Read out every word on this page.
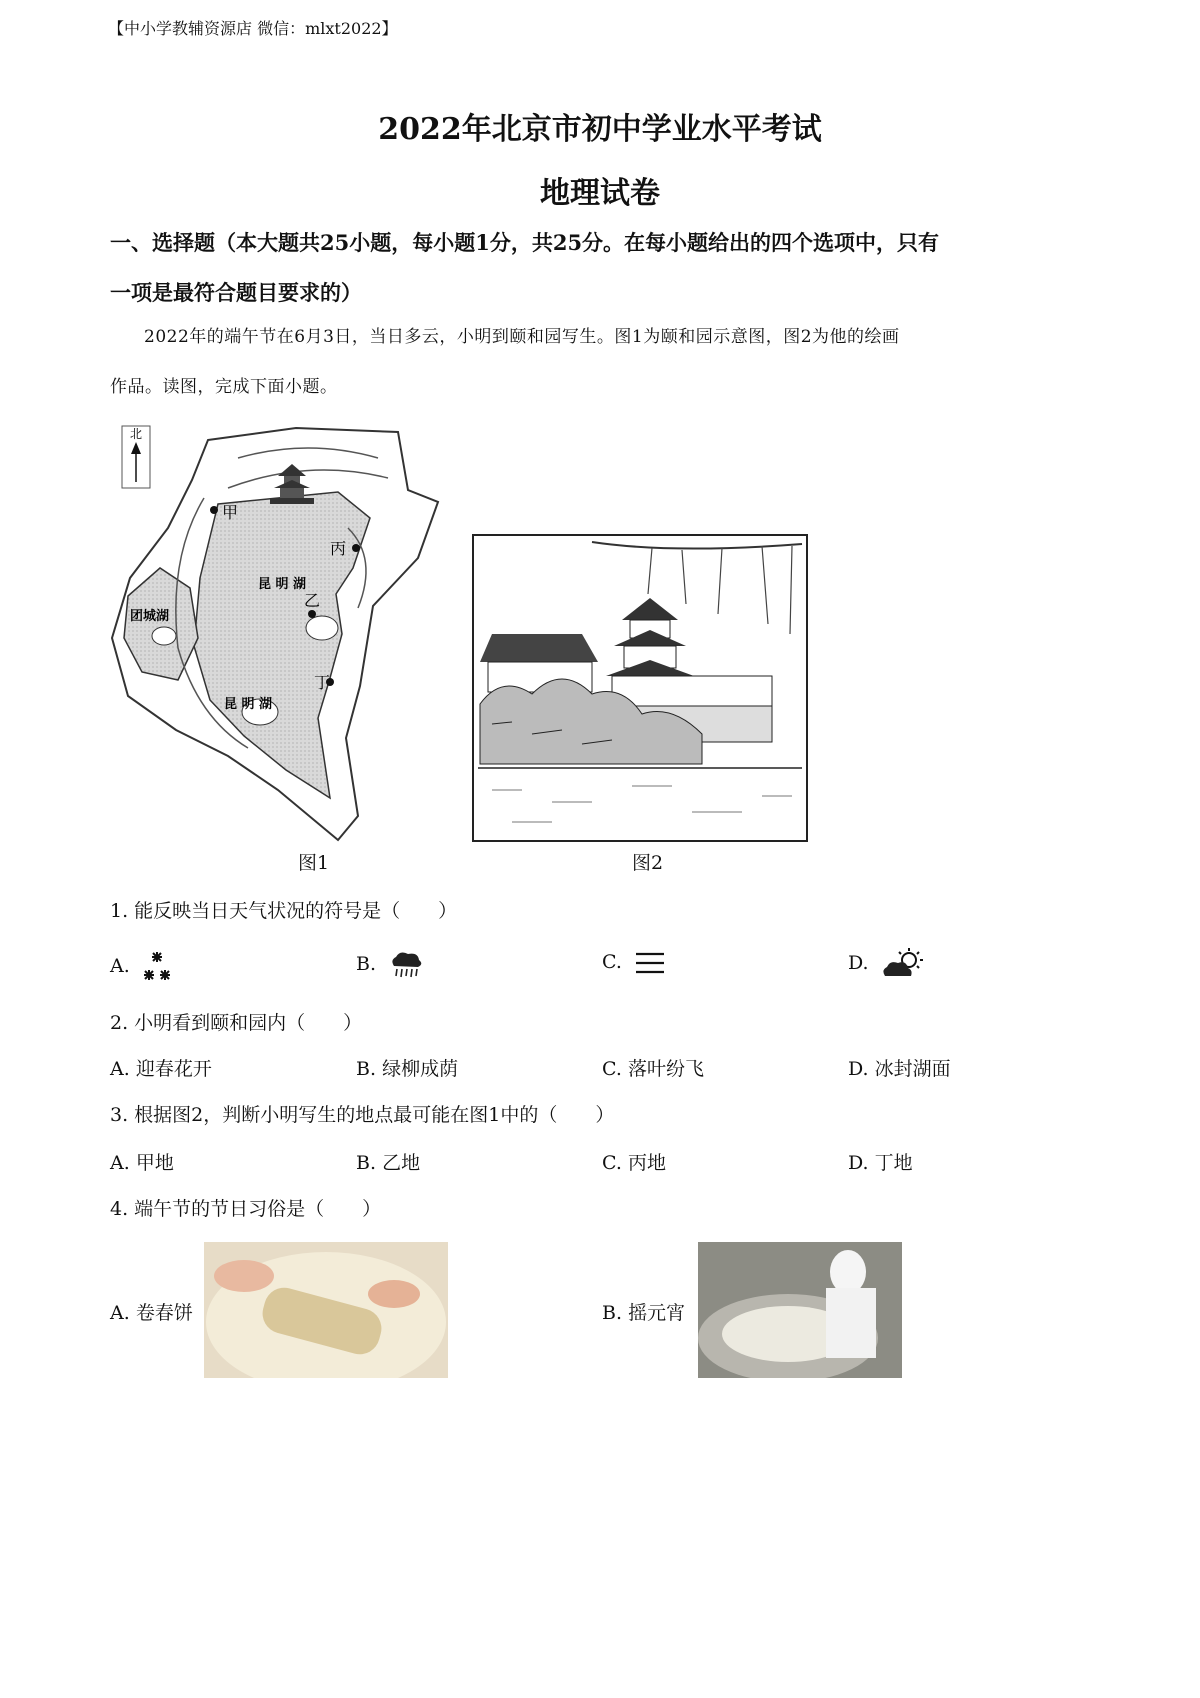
【中小学教辅资源店 微信：mlxt2022】
2022年北京市初中学业水平考试
地理试卷
一、选择题（本大题共25小题，每小题1分，共25分。在每小题给出的四个选项中，只有
一项是最符合题目要求的）
2022年的端午节在6月3日，当日多云，小明到颐和园写生。图1为颐和园示意图，图2为他的绘画
作品。读图，完成下面小题。
北
甲
丙
乙
丁
昆 明 湖
昆 明 湖
团城湖
图1	图2
1. 能反映当日天气状况的符号是（　　）
A.	B.	C.	D.
2. 小明看到颐和园内（　　）
A. 迎春花开	B. 绿柳成荫	C. 落叶纷飞	D. 冰封湖面
3. 根据图2，判断小明写生的地点最可能在图1中的（　　）
A. 甲地	B. 乙地	C. 丙地	D. 丁地
4. 端午节的节日习俗是（　　）
A. 卷春饼	B. 摇元宵
